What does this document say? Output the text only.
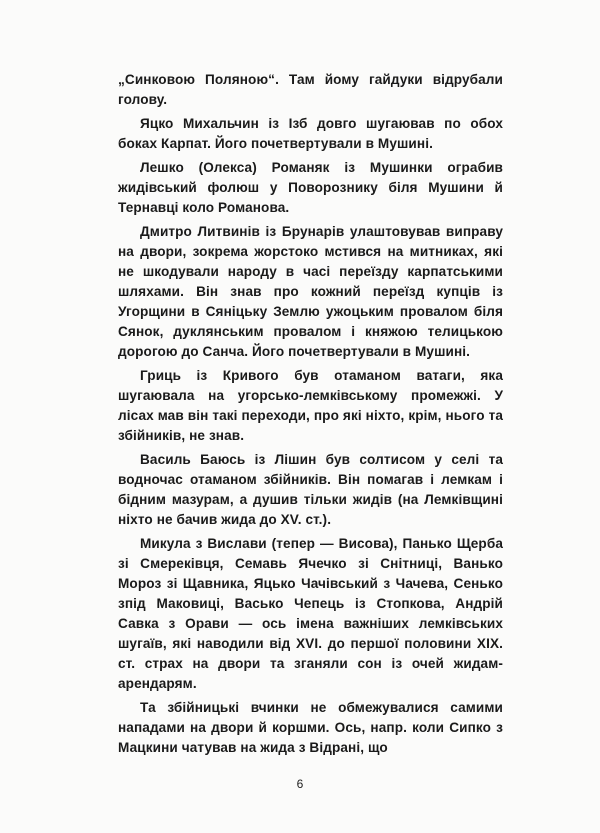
„Синковою Поляною“. Там йому гайдуки відрубали голову.

Яцко Михальчин із Ізб довго шугаював по обох боках Карпат. Його почетвертували в Мушині.

Лешко (Олекса) Романяк із Мушинки ограбив жидівський фолюш у Поворознику біля Мушини й Тернавці коло Романова.

Дмитро Литвинів із Брунарів улаштовував виправу на двори, зокрема жорстоко мстився на митниках, які не шкодували народу в часі переїзду карпатськими шляхами. Він знав про кожний переїзд купців із Угорщини в Сяніцьку Землю ужоцьким провалом біля Сянок, дуклянським провалом і княжою телицькою дорогою до Санча. Його почетвертували в Мушині.

Гриць із Кривого був отаманом ватаги, яка шугаювала на угорсько-лемківському промежжі. У лісах мав він такі переходи, про які ніхто, крім, нього та збійників, не знав.

Василь Баюсь із Лішин був солтисом у селі та водночас отаманом збійників. Він помагав і лемкам і бідним мазурам, а душив тільки жидів (на Лемківщині ніхто не бачив жида до XV. ст.).

Микула з Вислави (тепер — Висова), Панько Щерба зі Смереківця, Семавь Ячечко зі Снітниці, Ванько Мороз зі Щавника, Яцько Чачівський з Чачева, Сенько зпід Маковиці, Васько Чепець із Стопкова, Андрій Савка з Орави — ось імена важніших лемківських шугаїв, які наводили від XVI. до першої половини XIX. ст. страх на двори та зганяли сон із очей жидам-арендарям.

Та збійницькі вчинки не обмежувалися самими нападами на двори й коршми. Ось, напр. коли Сипко з Мацкини чатував на жида з Відрані, що

6
